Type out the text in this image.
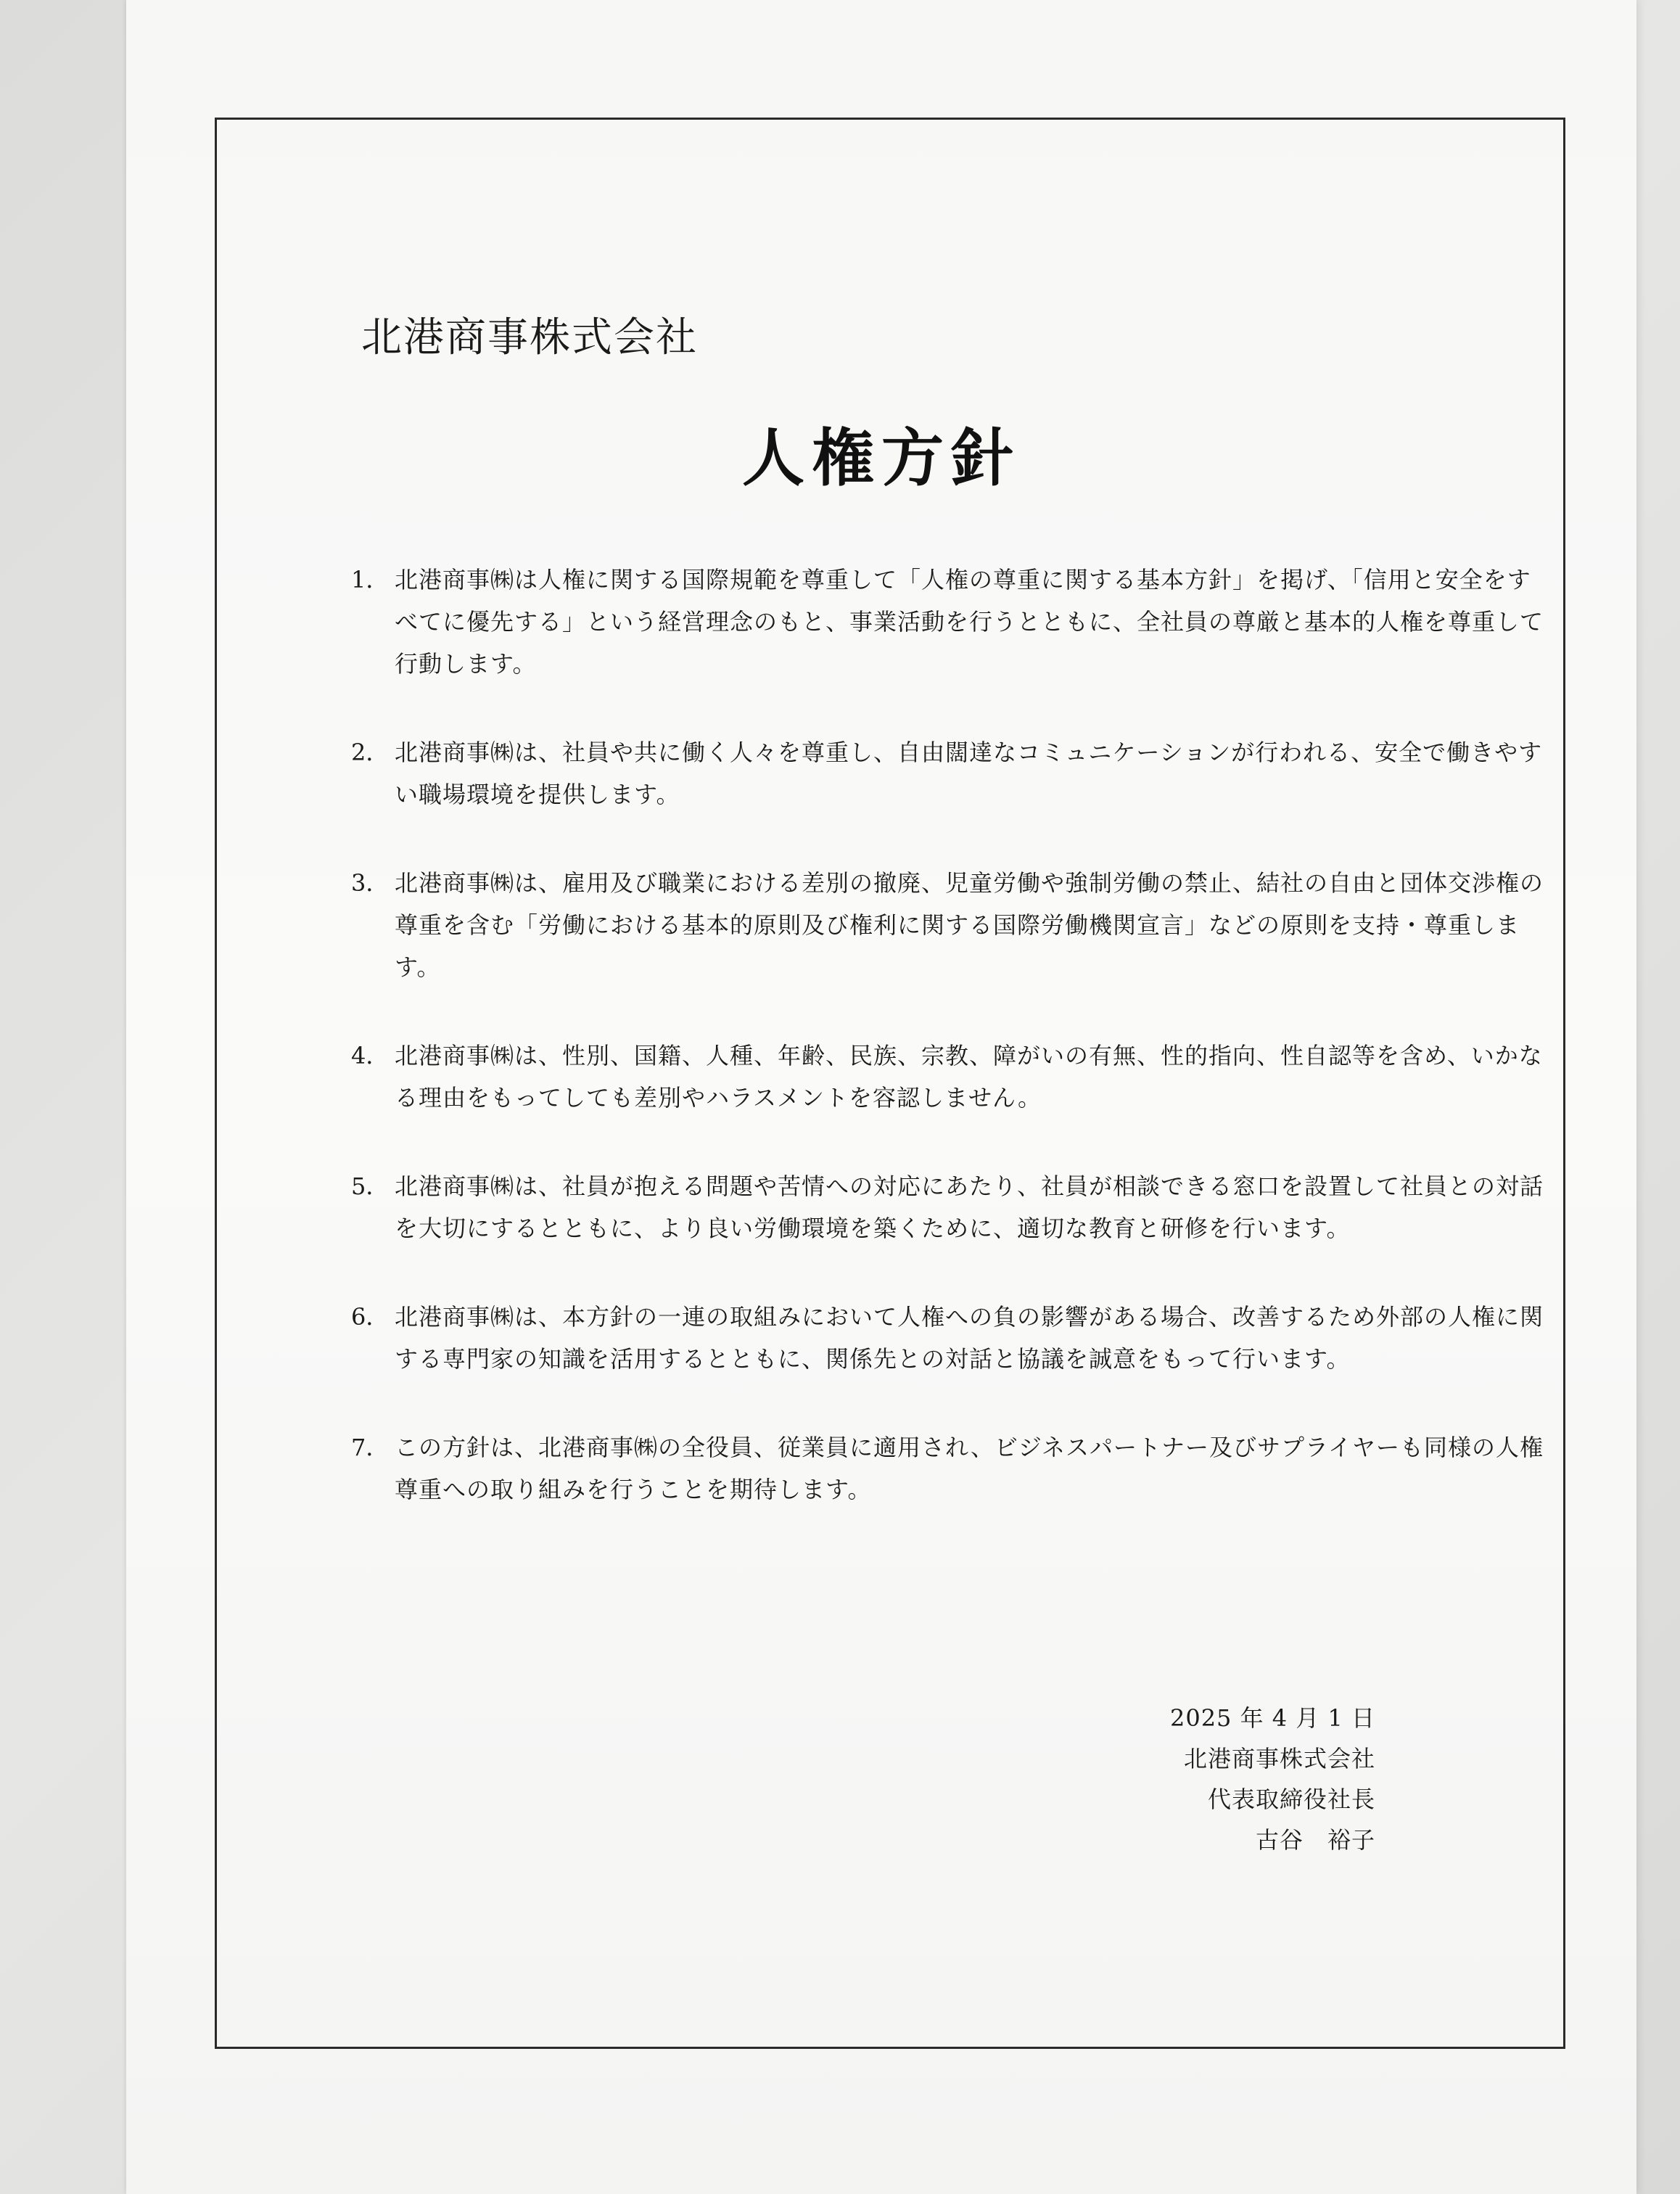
北港商事株式会社
人権方針
1． 北港商事㈱は人権に関する国際規範を尊重して「人権の尊重に関する基本方針」を掲げ、「信用と安全をすべてに優先する」という経営理念のもと、事業活動を行うとともに、全社員の尊厳と基本的人権を尊重して行動します。

2． 北港商事㈱は、社員や共に働く人々を尊重し、自由闊達なコミュニケーションが行われる、安全で働きやすい職場環境を提供します。

3． 北港商事㈱は、雇用及び職業における差別の撤廃、児童労働や強制労働の禁止、結社の自由と団体交渉権の尊重を含む「労働における基本的原則及び権利に関する国際労働機関宣言」などの原則を支持・尊重します。

4． 北港商事㈱は、性別、国籍、人種、年齢、民族、宗教、障がいの有無、性的指向、性自認等を含め、いかなる理由をもってしても差別やハラスメントを容認しません。

5． 北港商事㈱は、社員が抱える問題や苦情への対応にあたり、社員が相談できる窓口を設置して社員との対話を大切にするとともに、より良い労働環境を築くために、適切な教育と研修を行います。

6． 北港商事㈱は、本方針の一連の取組みにおいて人権への負の影響がある場合、改善するため外部の人権に関する専門家の知識を活用するとともに、関係先との対話と協議を誠意をもって行います。

7． この方針は、北港商事㈱の全役員、従業員に適用され、ビジネスパートナー及びサプライヤーも同様の人権尊重への取り組みを行うことを期待します。

2025 年 4 月 1 日
北港商事株式会社
代表取締役社長
古谷　裕子
